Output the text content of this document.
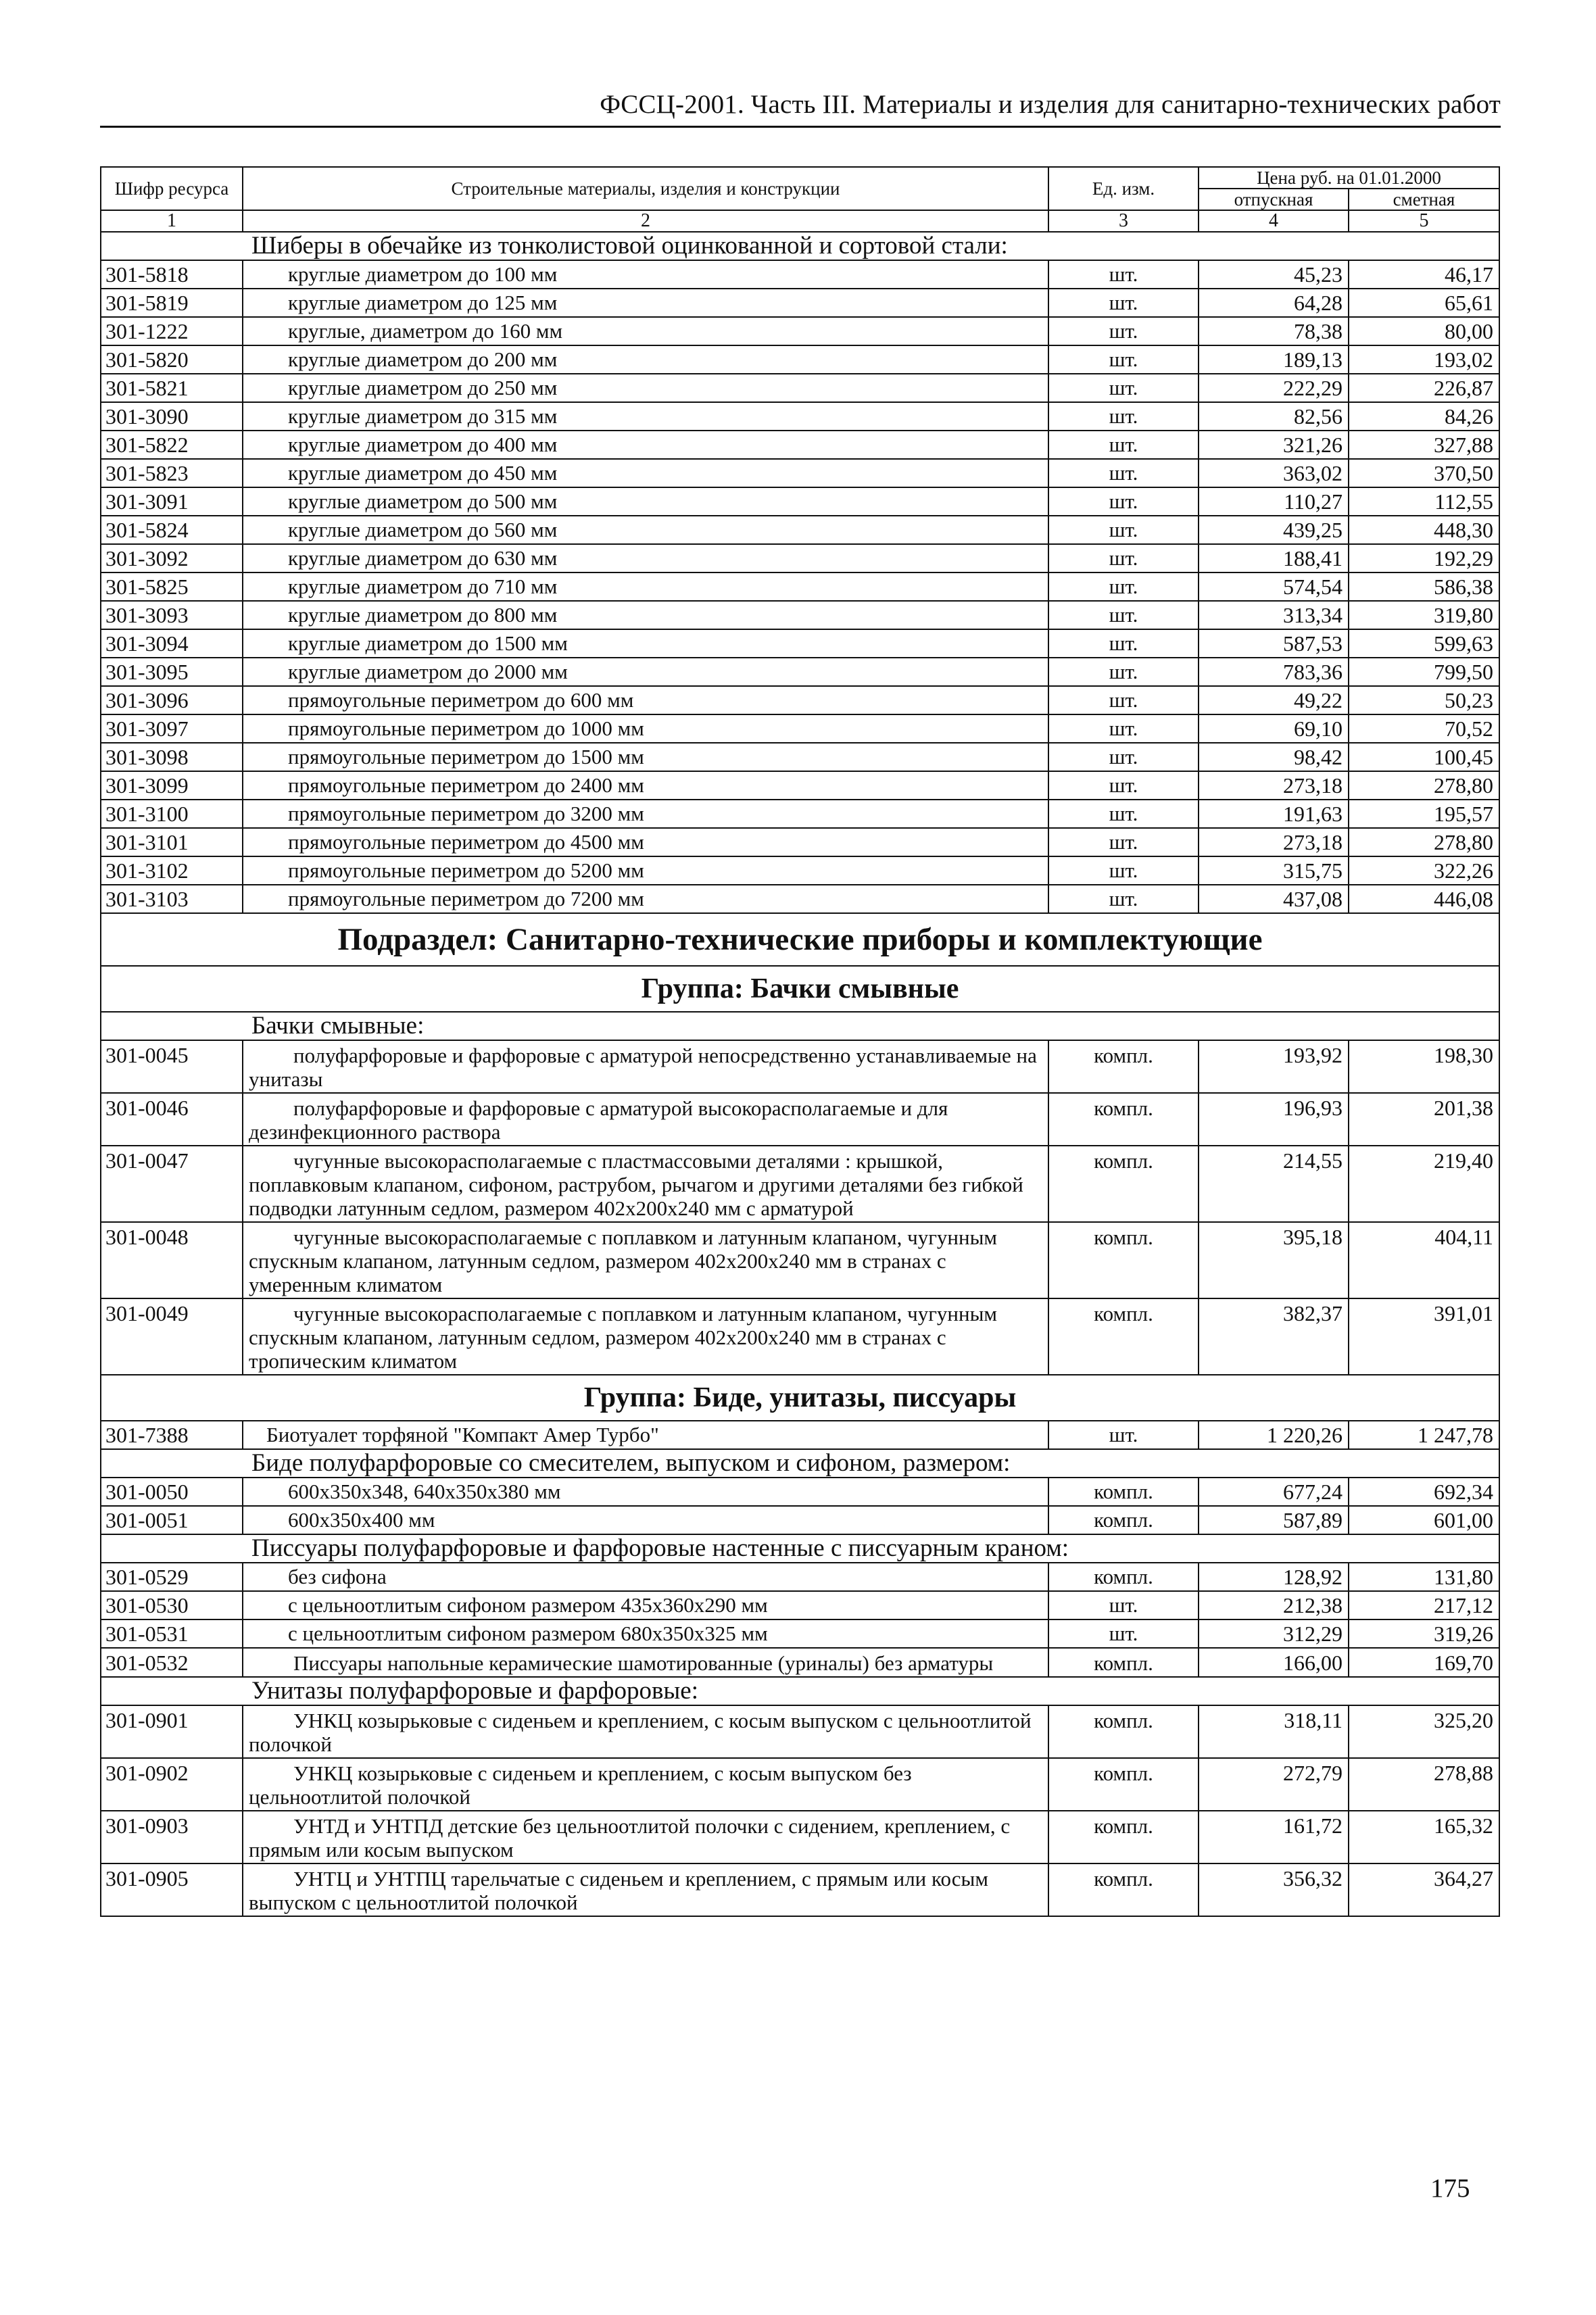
ФССЦ-2001. Часть III. Материалы и изделия для санитарно-технических работ
Шифр ресурса	Строительные материалы, изделия и конструкции	Ед. изм.	Цена руб. на 01.01.2000	
			отпускная	сметная
1	2	3	4	5
Шиберы в обечайке из тонколистовой оцинкованной и сортовой стали:				
301-5818	круглые диаметром до 100 мм	шт.	45,23	46,17
301-5819	круглые диаметром до 125 мм	шт.	64,28	65,61
301-1222	круглые, диаметром до 160 мм	шт.	78,38	80,00
301-5820	круглые диаметром до 200 мм	шт.	189,13	193,02
301-5821	круглые диаметром до 250 мм	шт.	222,29	226,87
301-3090	круглые диаметром до 315 мм	шт.	82,56	84,26
301-5822	круглые диаметром до 400 мм	шт.	321,26	327,88
301-5823	круглые диаметром до 450 мм	шт.	363,02	370,50
301-3091	круглые диаметром до 500 мм	шт.	110,27	112,55
301-5824	круглые диаметром до 560 мм	шт.	439,25	448,30
301-3092	круглые диаметром до 630 мм	шт.	188,41	192,29
301-5825	круглые диаметром до 710 мм	шт.	574,54	586,38
301-3093	круглые диаметром до 800 мм	шт.	313,34	319,80
301-3094	круглые диаметром до 1500 мм	шт.	587,53	599,63
301-3095	круглые диаметром до 2000 мм	шт.	783,36	799,50
301-3096	прямоугольные периметром до 600 мм	шт.	49,22	50,23
301-3097	прямоугольные периметром до 1000 мм	шт.	69,10	70,52
301-3098	прямоугольные периметром до 1500 мм	шт.	98,42	100,45
301-3099	прямоугольные периметром до 2400 мм	шт.	273,18	278,80
301-3100	прямоугольные периметром до 3200 мм	шт.	191,63	195,57
301-3101	прямоугольные периметром до 4500 мм	шт.	273,18	278,80
301-3102	прямоугольные периметром до 5200 мм	шт.	315,75	322,26
301-3103	прямоугольные периметром до 7200 мм	шт.	437,08	446,08
Подраздел: Санитарно-технические приборы и комплектующие				
Группа: Бачки смывные				
Бачки смывные:				
301-0045	полуфарфоровые и фарфоровые с арматурой непосредственно устанавливаемые на унитазы	компл.	193,92	198,30
301-0046	полуфарфоровые и фарфоровые с арматурой высокорасполагаемые и для дезинфекционного раствора	компл.	196,93	201,38
301-0047	чугунные высокорасполагаемые с пластмассовыми деталями : крышкой, поплавковым клапаном, сифоном, раструбом, рычагом и другими деталями без гибкой подводки латунным седлом, размером 402x200x240 мм с арматурой	компл.	214,55	219,40
301-0048	чугунные высокорасполагаемые с поплавком и латунным клапаном, чугунным спускным клапаном, латунным седлом, размером 402x200x240 мм в странах с умеренным климатом	компл.	395,18	404,11
301-0049	чугунные высокорасполагаемые с поплавком и латунным клапаном, чугунным спускным клапаном, латунным седлом, размером 402x200x240 мм в странах с тропическим климатом	компл.	382,37	391,01
Группа: Биде, унитазы, писсуары				
301-7388	Биотуалет торфяной "Компакт Амер Турбо"	шт.	1 220,26	1 247,78
Биде полуфарфоровые со смесителем, выпуском и сифоном, размером:				
301-0050	600x350x348, 640x350x380 мм	компл.	677,24	692,34
301-0051	600x350x400 мм	компл.	587,89	601,00
Писсуары полуфарфоровые и фарфоровые настенные с писсуарным краном:				
301-0529	без сифона	компл.	128,92	131,80
301-0530	с цельноотлитым сифоном размером 435x360x290 мм	шт.	212,38	217,12
301-0531	с цельноотлитым сифоном размером 680x350x325 мм	шт.	312,29	319,26
301-0532	Писсуары напольные керамические шамотированные (уриналы) без арматуры	компл.	166,00	169,70
Унитазы полуфарфоровые и фарфоровые:				
301-0901	УНКЦ козырьковые с сиденьем и креплением, с косым выпуском с цельноотлитой полочкой	компл.	318,11	325,20
301-0902	УНКЦ козырьковые с сиденьем и креплением, с косым выпуском без цельноотлитой полочкой	компл.	272,79	278,88
301-0903	УНТД и УНТПД детские без цельноотлитой полочки с сидением, креплением, с прямым или косым выпуском	компл.	161,72	165,32
301-0905	УНТЦ и УНТПЦ тарельчатые с сиденьем и креплением, с прямым или косым выпуском с цельноотлитой полочкой	компл.	356,32	364,27
175
